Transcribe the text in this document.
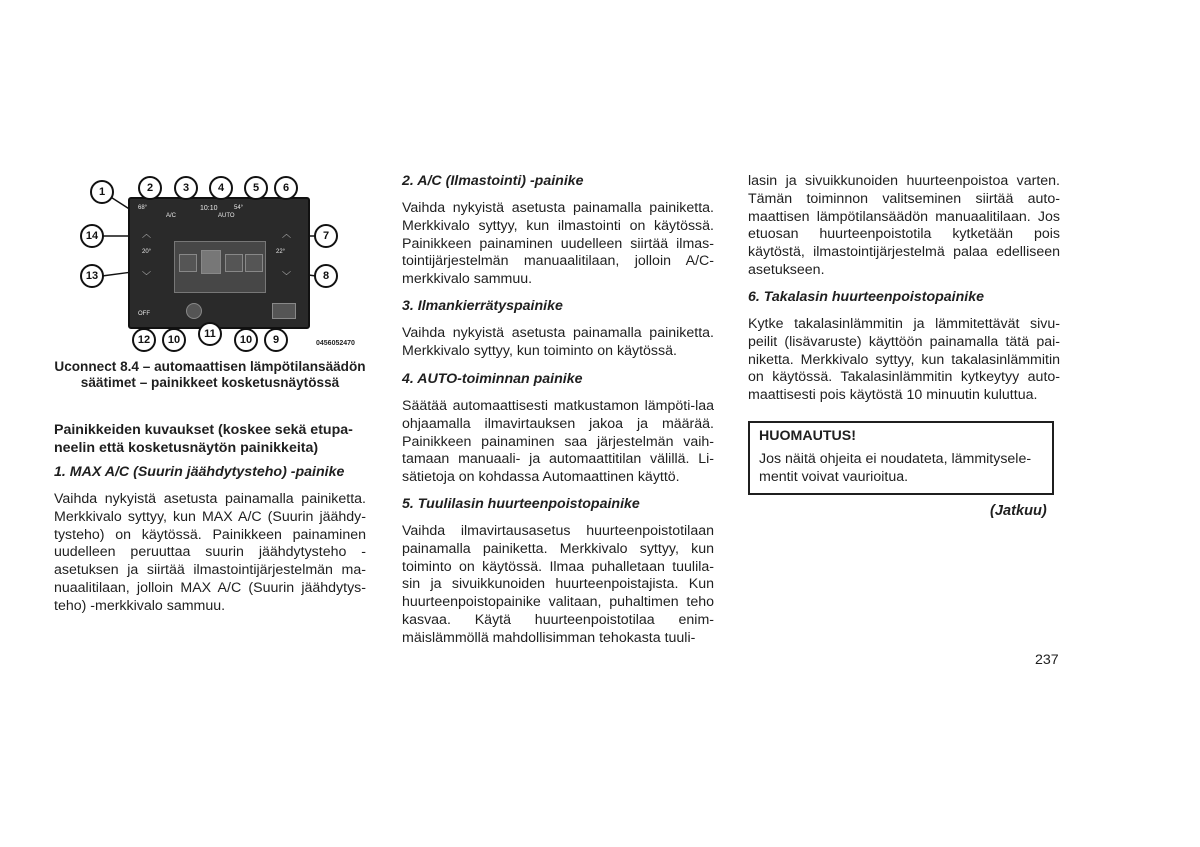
68°
A/C
10:10
AUTO
54°
20°	22°
OFF
︿	︿
﹀	﹀
1	2	3	4	5	6
14	7
13	8
12	10	11	10	9	0456052470
Uconnect 8.4 – automaattisen lämpötilansäädön säätimet – painikkeet kosketusnäytössä

Painikkeiden kuvaukset (koskee sekä etupa-neelin että kosketusnäytön painikkeita)

1. MAX A/C (Suurin jäähdytysteho) -painike

Vaihda nykyistä asetusta painamalla painiketta. Merkkivalo syttyy, kun MAX A/C (Suurin jäähdy-tysteho) on käytössä. Painikkeen painaminen uudelleen peruuttaa suurin jäähdytysteho -asetuksen ja siirtää ilmastointijärjestelmän ma-nuaalitilaan, jolloin MAX A/C (Suurin jäähdytys-teho) -merkkivalo sammuu.

2. A/C (Ilmastointi) -painike

Vaihda nykyistä asetusta painamalla painiketta. Merkkivalo syttyy, kun ilmastointi on käytössä. Painikkeen painaminen uudelleen siirtää ilmas-tointijärjestelmän manuaalitilaan, jolloin A/C-merkkivalo sammuu.

3. Ilmankierrätyspainike

Vaihda nykyistä asetusta painamalla painiketta. Merkkivalo syttyy, kun toiminto on käytössä.

4. AUTO-toiminnan painike

Säätää automaattisesti matkustamon lämpöti-laa ohjaamalla ilmavirtauksen jakoa ja määrää. Painikkeen painaminen saa järjestelmän vaih-tamaan manuaali- ja automaattitilan välillä. Li-sätietoja on kohdassa Automaattinen käyttö.

5. Tuulilasin huurteenpoistopainike

Vaihda ilmavirtausasetus huurteenpoistotilaan painamalla painiketta. Merkkivalo syttyy, kun toiminto on käytössä. Ilmaa puhalletaan tuulila-sin ja sivuikkunoiden huurteenpoistajista. Kun huurteenpoistopainike valitaan, puhaltimen teho kasvaa. Käytä huurteenpoistotilaa enim-mäislämmöllä mahdollisimman tehokasta tuuli-

lasin ja sivuikkunoiden huurteenpoistoa varten. Tämän toiminnon valitseminen siirtää auto-maattisen lämpötilansäädön manuaalitilaan. Jos etuosan huurteenpoistotila kytketään pois käytöstä, ilmastointijärjestelmä palaa edelliseen asetukseen.

6. Takalasin huurteenpoistopainike

Kytke takalasinlämmitin ja lämmitettävät sivu-peilit (lisävaruste) käyttöön painamalla tätä pai-niketta. Merkkivalo syttyy, kun takalasinlämmitin on käytössä. Takalasinlämmitin kytkeytyy auto-maattisesti pois käytöstä 10 minuutin kuluttua.

HUOMAUTUS!

Jos näitä ohjeita ei noudateta, lämmitysele-mentit voivat vaurioitua.

(Jatkuu)
237
